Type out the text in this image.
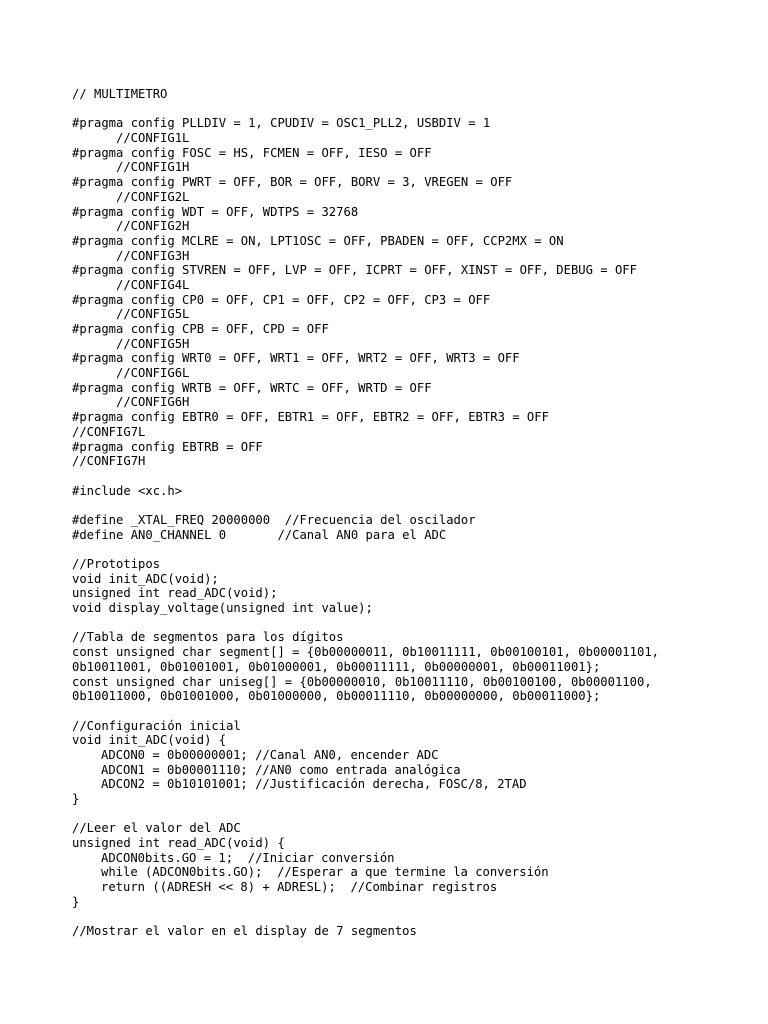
// MULTIMETRO
#pragma config PLLDIV = 1, CPUDIV = OSC1_PLL2, USBDIV = 1
//CONFIG1L
#pragma config FOSC = HS, FCMEN = OFF, IESO = OFF
//CONFIG1H
#pragma config PWRT = OFF, BOR = OFF, BORV = 3, VREGEN = OFF
//CONFIG2L
#pragma config WDT = OFF, WDTPS = 32768
//CONFIG2H
#pragma config MCLRE = ON, LPT1OSC = OFF, PBADEN = OFF, CCP2MX = ON
//CONFIG3H
#pragma config STVREN = OFF, LVP = OFF, ICPRT = OFF, XINST = OFF, DEBUG = OFF
//CONFIG4L
#pragma config CP0 = OFF, CP1 = OFF, CP2 = OFF, CP3 = OFF
//CONFIG5L
#pragma config CPB = OFF, CPD = OFF
//CONFIG5H
#pragma config WRT0 = OFF, WRT1 = OFF, WRT2 = OFF, WRT3 = OFF
//CONFIG6L
#pragma config WRTB = OFF, WRTC = OFF, WRTD = OFF
//CONFIG6H
#pragma config EBTR0 = OFF, EBTR1 = OFF, EBTR2 = OFF, EBTR3 = OFF
//CONFIG7L
#pragma config EBTRB = OFF
//CONFIG7H
#include <xc.h>
#define _XTAL_FREQ 20000000  //Frecuencia del oscilador
#define AN0_CHANNEL 0       //Canal AN0 para el ADC
//Prototipos
void init_ADC(void);
unsigned int read_ADC(void);
void display_voltage(unsigned int value);
//Tabla de segmentos para los dígitos
const unsigned char segment[] = {0b00000011, 0b10011111, 0b00100101, 0b00001101,
0b10011001, 0b01001001, 0b01000001, 0b00011111, 0b00000001, 0b00011001};
const unsigned char uniseg[] = {0b00000010, 0b10011110, 0b00100100, 0b00001100,
0b10011000, 0b01001000, 0b01000000, 0b00011110, 0b00000000, 0b00011000};
//Configuración inicial
void init_ADC(void) {
ADCON0 = 0b00000001; //Canal AN0, encender ADC
ADCON1 = 0b00001110; //AN0 como entrada analógica
ADCON2 = 0b10101001; //Justificación derecha, FOSC/8, 2TAD
}
//Leer el valor del ADC
unsigned int read_ADC(void) {
ADCON0bits.GO = 1;  //Iniciar conversión
while (ADCON0bits.GO);  //Esperar a que termine la conversión
return ((ADRESH << 8) + ADRESL);  //Combinar registros
}
//Mostrar el valor en el display de 7 segmentos
